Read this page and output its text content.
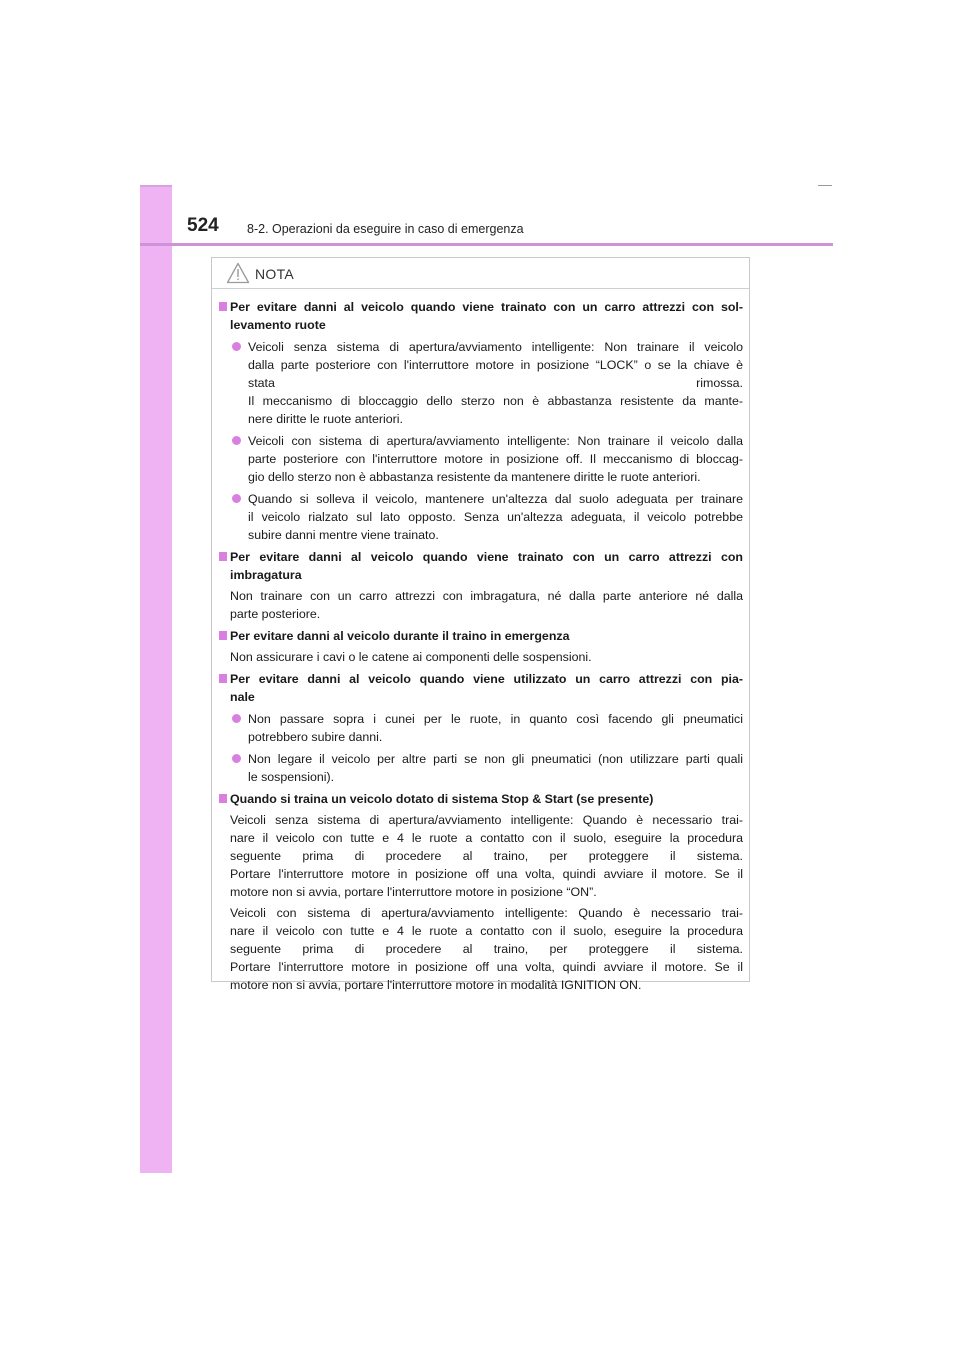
524 8-2. Operazioni da eseguire in caso di emergenza
NOTA
Per evitare danni al veicolo quando viene trainato con un carro attrezzi con sol-
levamento ruote
Veicoli senza sistema di apertura/avviamento intelligente: Non trainare il veicolo
dalla parte posteriore con l'interruttore motore in posizione “LOCK” o se la chiave è
stata rimossa.
Il meccanismo di bloccaggio dello sterzo non è abbastanza resistente da mante-
nere diritte le ruote anteriori.
Veicoli con sistema di apertura/avviamento intelligente: Non trainare il veicolo dalla
parte posteriore con l'interruttore motore in posizione off. Il meccanismo di bloccag-
gio dello sterzo non è abbastanza resistente da mantenere diritte le ruote anteriori.
Quando si solleva il veicolo, mantenere un'altezza dal suolo adeguata per trainare
il veicolo rialzato sul lato opposto. Senza un'altezza adeguata, il veicolo potrebbe
subire danni mentre viene trainato.
Per evitare danni al veicolo quando viene trainato con un carro attrezzi con
imbragatura
Non trainare con un carro attrezzi con imbragatura, né dalla parte anteriore né dalla
parte posteriore.
Per evitare danni al veicolo durante il traino in emergenza
Non assicurare i cavi o le catene ai componenti delle sospensioni.
Per evitare danni al veicolo quando viene utilizzato un carro attrezzi con pia-
nale
Non passare sopra i cunei per le ruote, in quanto così facendo gli pneumatici
potrebbero subire danni.
Non legare il veicolo per altre parti se non gli pneumatici (non utilizzare parti quali
le sospensioni).
Quando si traina un veicolo dotato di sistema Stop & Start (se presente)
Veicoli senza sistema di apertura/avviamento intelligente: Quando è necessario trai-
nare il veicolo con tutte e 4 le ruote a contatto con il suolo, eseguire la procedura
seguente prima di procedere al traino, per proteggere il sistema.
Portare l'interruttore motore in posizione off una volta, quindi avviare il motore. Se il
motore non si avvia, portare l'interruttore motore in posizione “ON”.
Veicoli con sistema di apertura/avviamento intelligente: Quando è necessario trai-
nare il veicolo con tutte e 4 le ruote a contatto con il suolo, eseguire la procedura
seguente prima di procedere al traino, per proteggere il sistema.
Portare l'interruttore motore in posizione off una volta, quindi avviare il motore. Se il
motore non si avvia, portare l'interruttore motore in modalità IGNITION ON.
